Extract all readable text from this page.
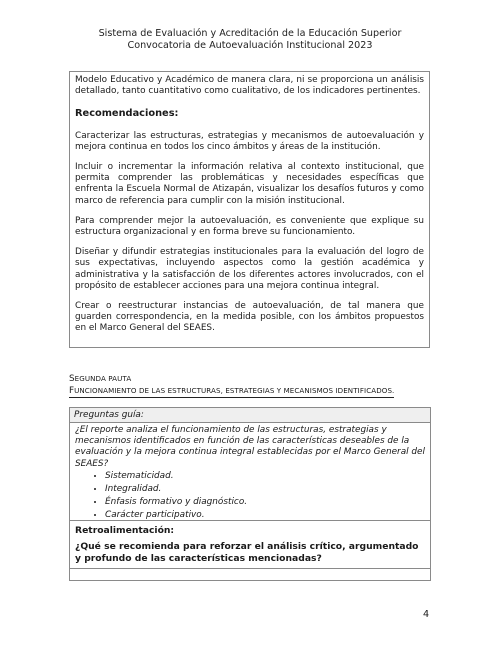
Sistema de Evaluación y Acreditación de la Educación Superior
Convocatoria de Autoevaluación Institucional 2023

Modelo Educativo y Académico de manera clara, ni se proporciona un análisis detallado, tanto cuantitativo como cualitativo, de los indicadores pertinentes.

Recomendaciones:

Caracterizar las estructuras, estrategias y mecanismos de autoevaluación y mejora continua en todos los cinco ámbitos y áreas de la institución.

Incluir o incrementar la información relativa al contexto institucional, que permita comprender las problemáticas y necesidades específicas que enfrenta la Escuela Normal de Atizapán, visualizar los desafíos futuros y como marco de referencia para cumplir con la misión institucional.

Para comprender mejor la autoevaluación, es conveniente que explique su estructura organizacional y en forma breve su funcionamiento.

Diseñar y difundir estrategias institucionales para la evaluación del logro de sus expectativas, incluyendo aspectos como la gestión académica y administrativa y la satisfacción de los diferentes actores involucrados, con el propósito de establecer acciones para una mejora continua integral.

Crear o reestructurar instancias de autoevaluación, de tal manera que guarden correspondencia, en la medida posible, con los ámbitos propuestos en el Marco General del SEAES.

SEGUNDA PAUTA
FUNCIONAMIENTO DE LAS ESTRUCTURAS, ESTRATEGIAS Y MECANISMOS IDENTIFICADOS.
Preguntas guía:
¿El reporte analiza el funcionamiento de las estructuras, estrategias y mecanismos identificados en función de las características deseables de la evaluación y la mejora continua integral establecidas por el Marco General del SEAES?
• Sistematicidad.
• Integralidad.
• Énfasis formativo y diagnóstico.
• Carácter participativo.
Retroalimentación:
¿Qué se recomienda para reforzar el análisis crítico, argumentado y profundo de las características mencionadas?
4
